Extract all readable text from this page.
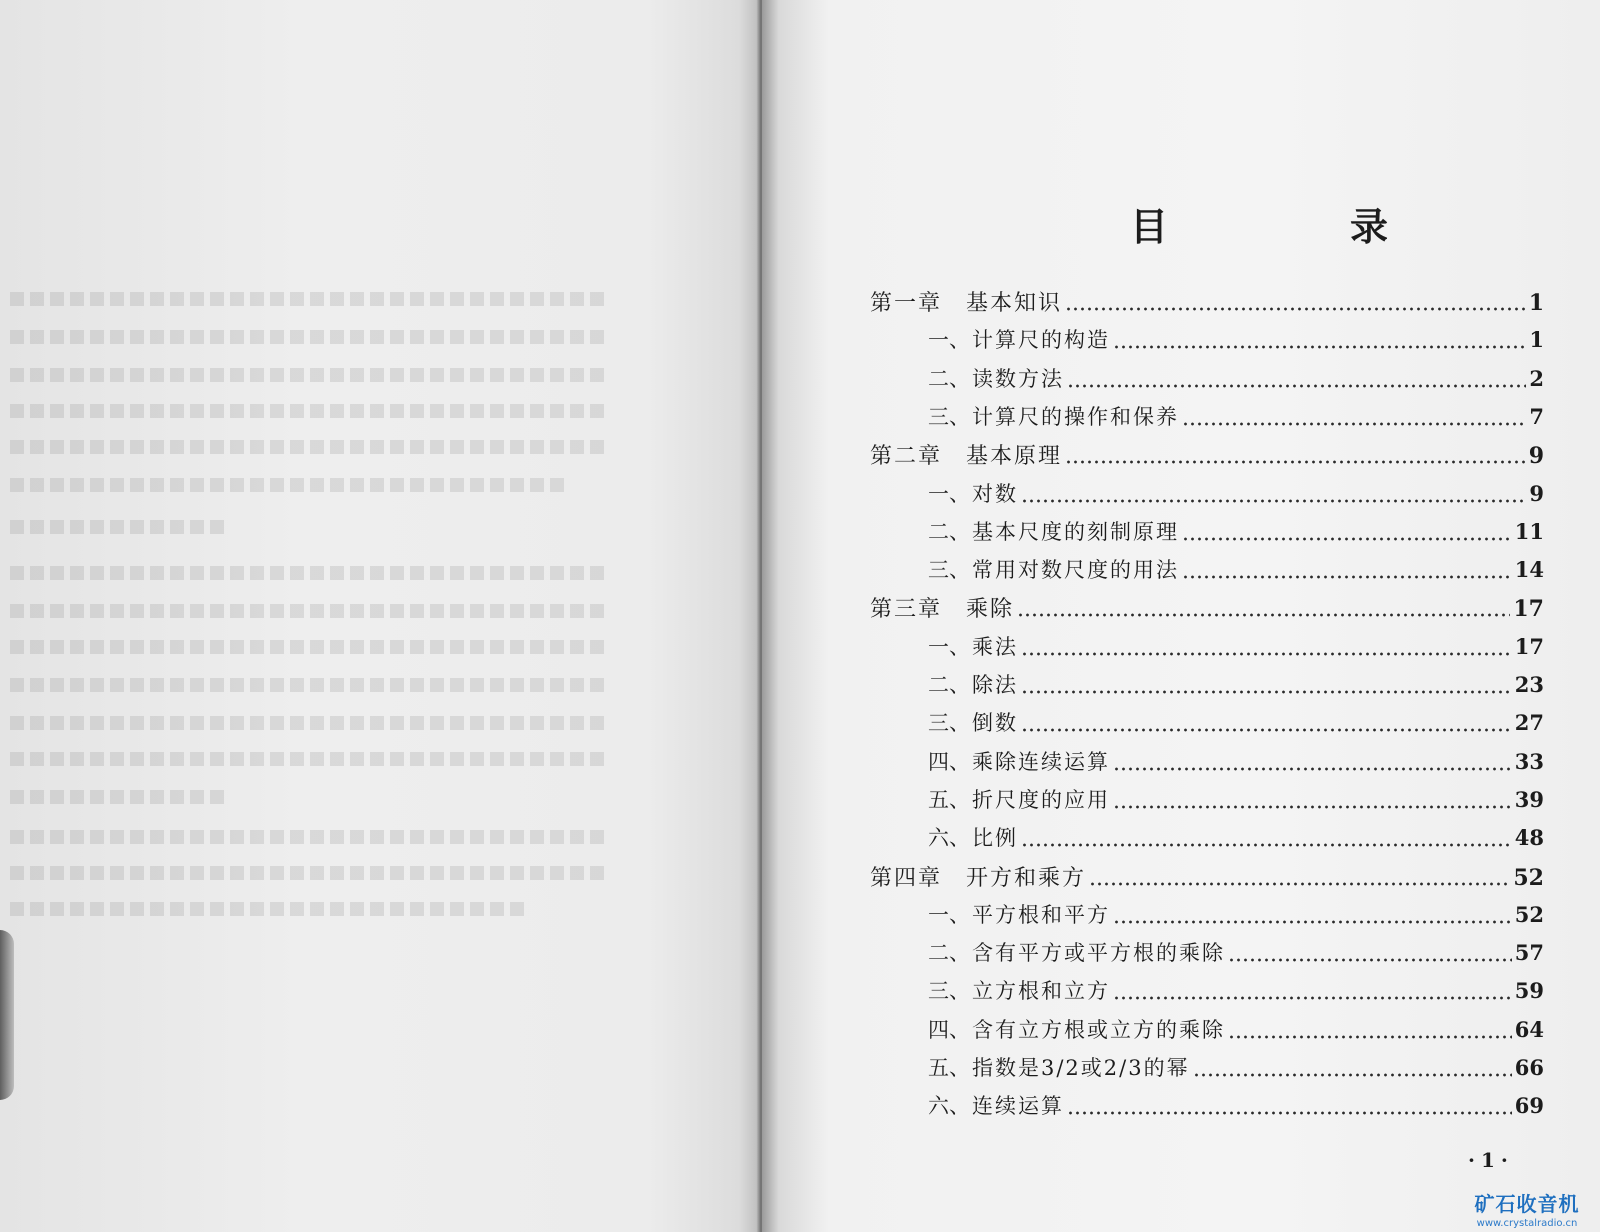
目　录
第一章 基本知识	1
一、 计算尺的构造	1
二、 读数方法	2
三、 计算尺的操作和保养	7
第二章 基本原理	9
一、 对数	9
二、 基本尺度的刻制原理	11
三、 常用对数尺度的用法	14
第三章 乘除	17
一、 乘法	17
二、 除法	23
三、 倒数	27
四、 乘除连续运算	33
五、 折尺度的应用	39
六、 比例	48
第四章 开方和乘方	52
一、 平方根和平方	52
二、 含有平方或平方根的乘除	57
三、 立方根和立方	59
四、 含有立方根或立方的乘除	64
五、 指数是3/2或2/3的幂	66
六、 连续运算	69

·1·

矿石收音机
www.crystalradio.cn
